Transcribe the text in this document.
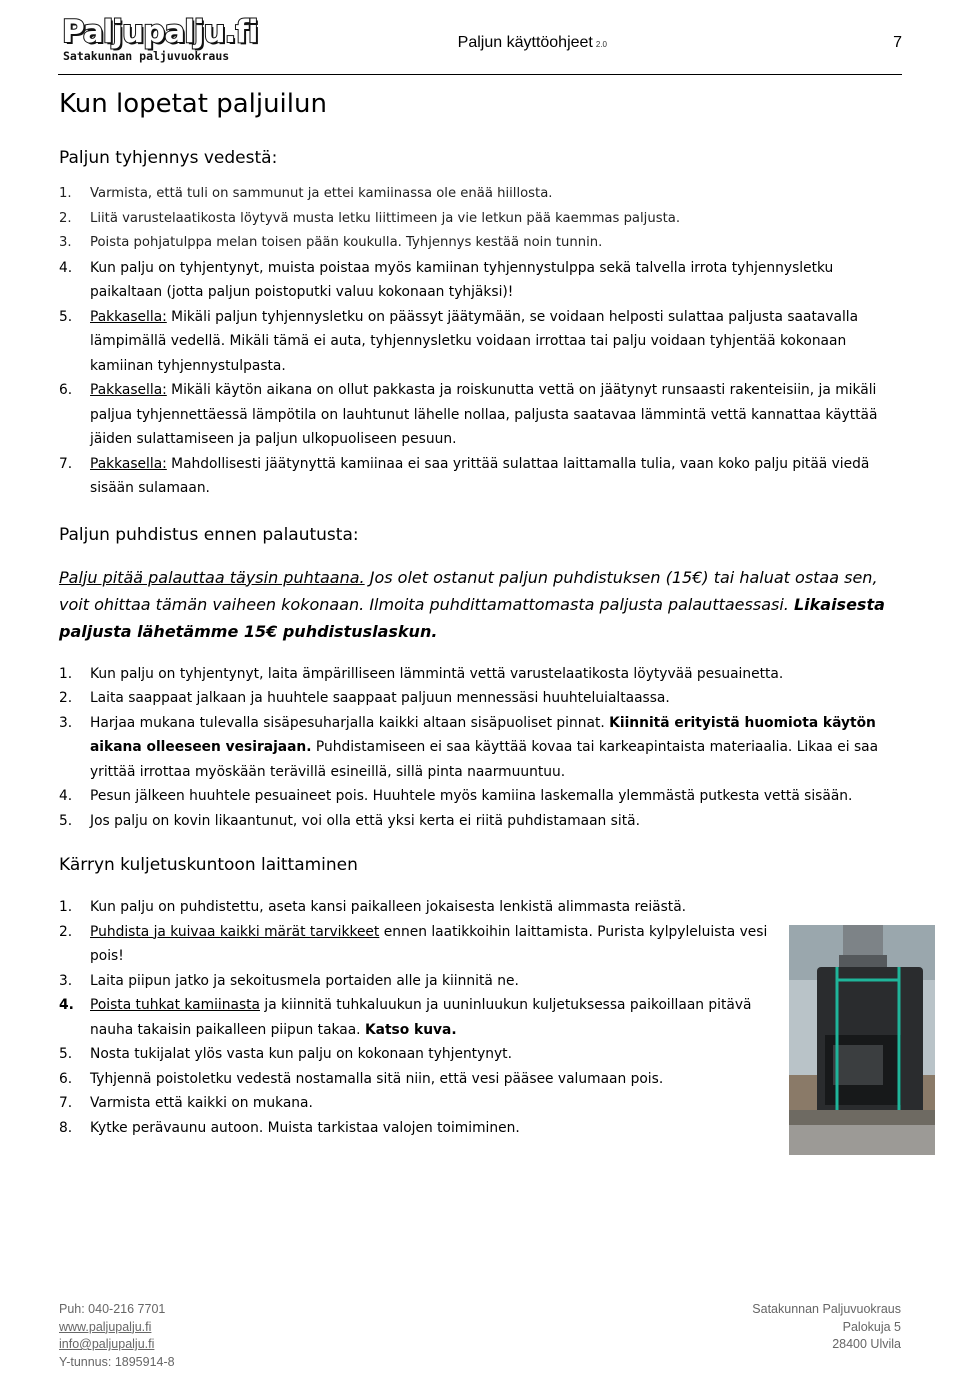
Paljupalju.fi
Satakunnan paljuvuokraus
Paljun käyttöohjeet 2.0	7
Kun lopetat paljuilun
Paljun tyhjennys vedestä:
1. Varmista, että tuli on sammunut ja ettei kamiinassa ole enää hiillosta.
2. Liitä varustelaatikosta löytyvä musta letku liittimeen ja vie letkun pää kaemmas paljusta.
3. Poista pohjatulppa melan toisen pään koukulla. Tyhjennys kestää noin tunnin.
4. Kun palju on tyhjentynyt, muista poistaa myös kamiinan tyhjennystulppa sekä talvella irrota tyhjennysletku paikaltaan (jotta paljun poistoputki valuu kokonaan tyhjäksi)!
5. Pakkasella: Mikäli paljun tyhjennysletku on päässyt jäätymään, se voidaan helposti sulattaa paljusta saatavalla lämpimällä vedellä. Mikäli tämä ei auta, tyhjennysletku voidaan irrottaa tai palju voidaan tyhjentää kokonaan kamiinan tyhjennystulpasta.
6. Pakkasella: Mikäli käytön aikana on ollut pakkasta ja roiskunutta vettä on jäätynyt runsaasti rakenteisiin, ja mikäli paljua tyhjennettäessä lämpötila on lauhtunut lähelle nollaa, paljusta saatavaa lämmintä vettä kannattaa käyttää jäiden sulattamiseen ja paljun ulkopuoliseen pesuun.
7. Pakkasella: Mahdollisesti jäätynyttä kamiinaa ei saa yrittää sulattaa laittamalla tulia, vaan koko palju pitää viedä sisään sulamaan.
Paljun puhdistus ennen palautusta:

Palju pitää palauttaa täysin puhtaana. Jos olet ostanut paljun puhdistuksen (15€) tai haluat ostaa sen, voit ohittaa tämän vaiheen kokonaan. Ilmoita puhdittamattomasta paljusta palauttaessasi. Likaisesta paljusta lähetämme 15€ puhdistuslaskun.

1. Kun palju on tyhjentynyt, laita ämpärilliseen lämmintä vettä varustelaatikosta löytyvää pesuainetta.
2. Laita saappaat jalkaan ja huuhtele saappaat paljuun mennessäsi huuhteluialtaassa.
3. Harjaa mukana tulevalla sisäpesuharjalla kaikki altaan sisäpuoliset pinnat. Kiinnitä erityistä huomiota käytön aikana olleeseen vesirajaan. Puhdistamiseen ei saa käyttää kovaa tai karkeapintaista materiaalia. Likaa ei saa yrittää irrottaa myöskään terävillä esineillä, sillä pinta naarmuuntuu.
4. Pesun jälkeen huuhtele pesuaineet pois. Huuhtele myös kamiina laskemalla ylemmästä putkesta vettä sisään.
5. Jos palju on kovin likaantunut, voi olla että yksi kerta ei riitä puhdistamaan sitä.
Kärryn kuljetuskuntoon laittaminen
1. Kun palju on puhdistettu, aseta kansi paikalleen jokaisesta lenkistä alimmasta reiästä.
2. Puhdista ja kuivaa kaikki märät tarvikkeet ennen laatikkoihin laittamista. Purista kylpyleluista vesi pois!
3. Laita piipun jatko ja sekoitusmela portaiden alle ja kiinnitä ne.
4. Poista tuhkat kamiinasta ja kiinnitä tuhkaluukun ja uuninluukun kuljetuksessa paikoillaan pitävä nauha takaisin paikalleen piipun takaa. Katso kuva.
5. Nosta tukijalat ylös vasta kun palju on kokonaan tyhjentynyt.
6. Tyhjennä poistoletku vedestä nostamalla sitä niin, että vesi pääsee valumaan pois.
7. Varmista että kaikki on mukana.
8. Kytke perävaunu autoon. Muista tarkistaa valojen toimiminen.
Puh: 040-216 7701
www.paljupalju.fi
info@paljupalju.fi
Y-tunnus: 1895914-8
Satakunnan Paljuvuokraus
Palokuja 5
28400 Ulvila
